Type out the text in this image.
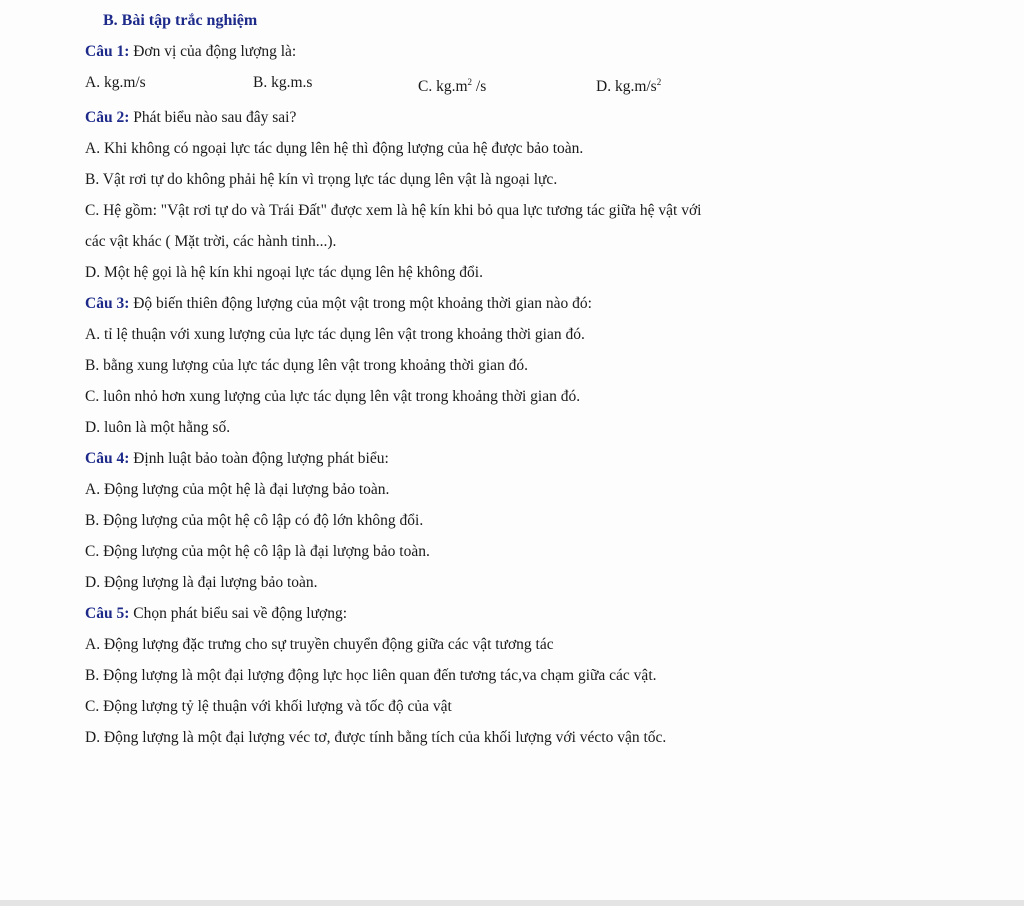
B. Bài tập trắc nghiệm
Câu 1: Đơn vị của động lượng là:
A. kg.m/s	B. kg.m.s	C. $kg.m^2$ /s	D. $kg.m/s^2$
Câu 2: Phát biểu nào sau đây sai?
A. Khi không có ngoại lực tác dụng lên hệ thì động lượng của hệ được bảo toàn.
B. Vật rơi tự do không phải hệ kín vì trọng lực tác dụng lên vật là ngoại lực.
C. Hệ gồm: "Vật rơi tự do và Trái Đất" được xem là hệ kín khi bỏ qua lực tương tác giữa hệ vật với
các vật khác ( Mặt trời, các hành tinh...).
D. Một hệ gọi là hệ kín khi ngoại lực tác dụng lên hệ không đổi.
Câu 3: Độ biến thiên động lượng của một vật trong một khoảng thời gian nào đó:
A. tỉ lệ thuận với xung lượng của lực tác dụng lên vật trong khoảng thời gian đó.
B. bằng xung lượng của lực tác dụng lên vật trong khoảng thời gian đó.
C. luôn nhỏ hơn xung lượng của lực tác dụng lên vật trong khoảng thời gian đó.
D. luôn là một hằng số.
Câu 4: Định luật bảo toàn động lượng phát biểu:
A. Động lượng của một hệ là đại lượng bảo toàn.
B. Động lượng của một hệ cô lập có độ lớn không đổi.
C. Động lượng của một hệ cô lập là đại lượng bảo toàn.
D. Động lượng là đại lượng bảo toàn.
Câu 5: Chọn phát biểu sai về động lượng:
A. Động lượng đặc trưng cho sự truyền chuyển động giữa các vật tương tác
B. Động lượng là một đại lượng động lực học liên quan đến tương tác,va chạm giữa các vật.
C. Động lượng tỷ lệ thuận với khối lượng và tốc độ của vật
D. Động lượng là một đại lượng véc tơ, được tính bằng tích của khối lượng với vécto vận tốc.
